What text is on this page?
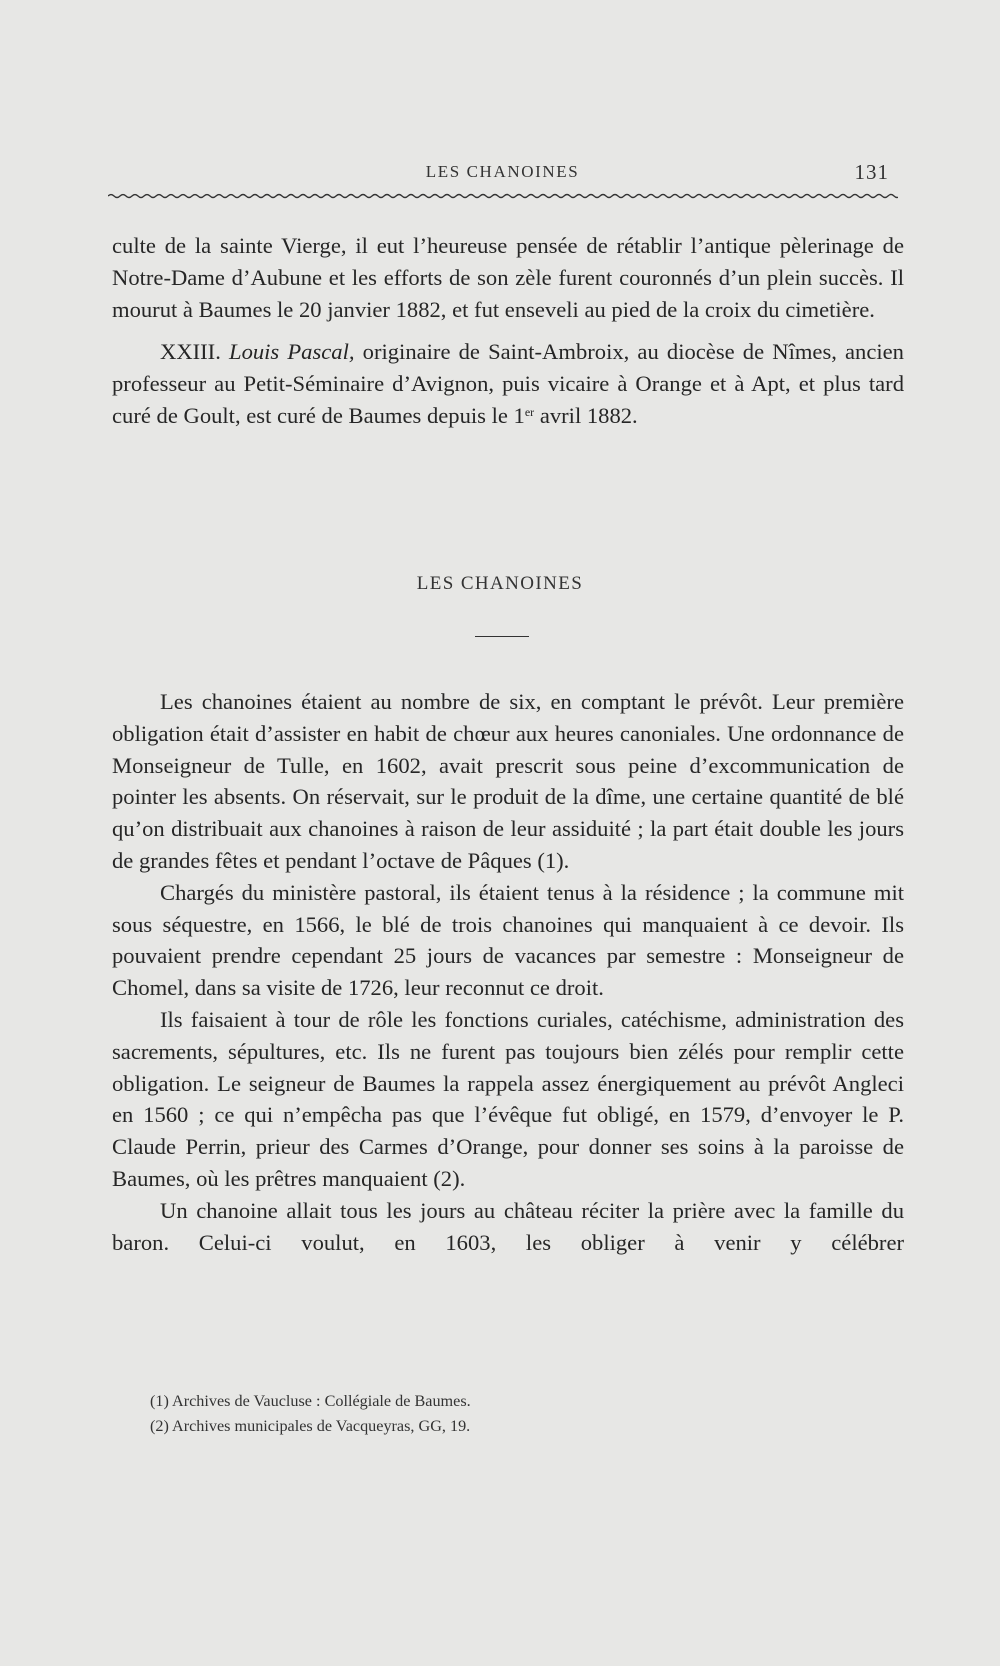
LES CHANOINES	131

culte de la sainte Vierge, il eut l’heureuse pensée de rétablir l’antique pèlerinage de Notre-Dame d’Aubune et les efforts de son zèle furent couronnés d’un plein succès. Il mourut à Baumes le 20 janvier 1882, et fut enseveli au pied de la croix du cimetière.

XXIII. Louis Pascal, originaire de Saint-Ambroix, au diocèse de Nîmes, ancien professeur au Petit-Séminaire d’Avignon, puis vicaire à Orange et à Apt, et plus tard curé de Goult, est curé de Baumes depuis le 1er avril 1882.

LES CHANOINES

Les chanoines étaient au nombre de six, en comptant le prévôt. Leur première obligation était d’assister en habit de chœur aux heures canoniales. Une ordonnance de Monseigneur de Tulle, en 1602, avait prescrit sous peine d’excommunication de pointer les absents. On réservait, sur le produit de la dîme, une certaine quantité de blé qu’on distribuait aux chanoines à raison de leur assiduité ; la part était double les jours de grandes fêtes et pendant l’octave de Pâques (1).

Chargés du ministère pastoral, ils étaient tenus à la résidence ; la commune mit sous séquestre, en 1566, le blé de trois chanoines qui manquaient à ce devoir. Ils pouvaient prendre cependant 25 jours de vacances par semestre : Monseigneur de Chomel, dans sa visite de 1726, leur reconnut ce droit.

Ils faisaient à tour de rôle les fonctions curiales, catéchisme, administration des sacrements, sépultures, etc. Ils ne furent pas toujours bien zélés pour remplir cette obligation. Le seigneur de Baumes la rappela assez énergiquement au prévôt Angleci en 1560 ; ce qui n’empêcha pas que l’évêque fut obligé, en 1579, d’envoyer le P. Claude Perrin, prieur des Carmes d’Orange, pour donner ses soins à la paroisse de Baumes, où les prêtres manquaient (2).

Un chanoine allait tous les jours au château réciter la prière avec la famille du baron. Celui-ci voulut, en 1603, les obliger à venir y célébrer

(1) Archives de Vaucluse : Collégiale de Baumes.

(2) Archives municipales de Vacqueyras, GG, 19.
